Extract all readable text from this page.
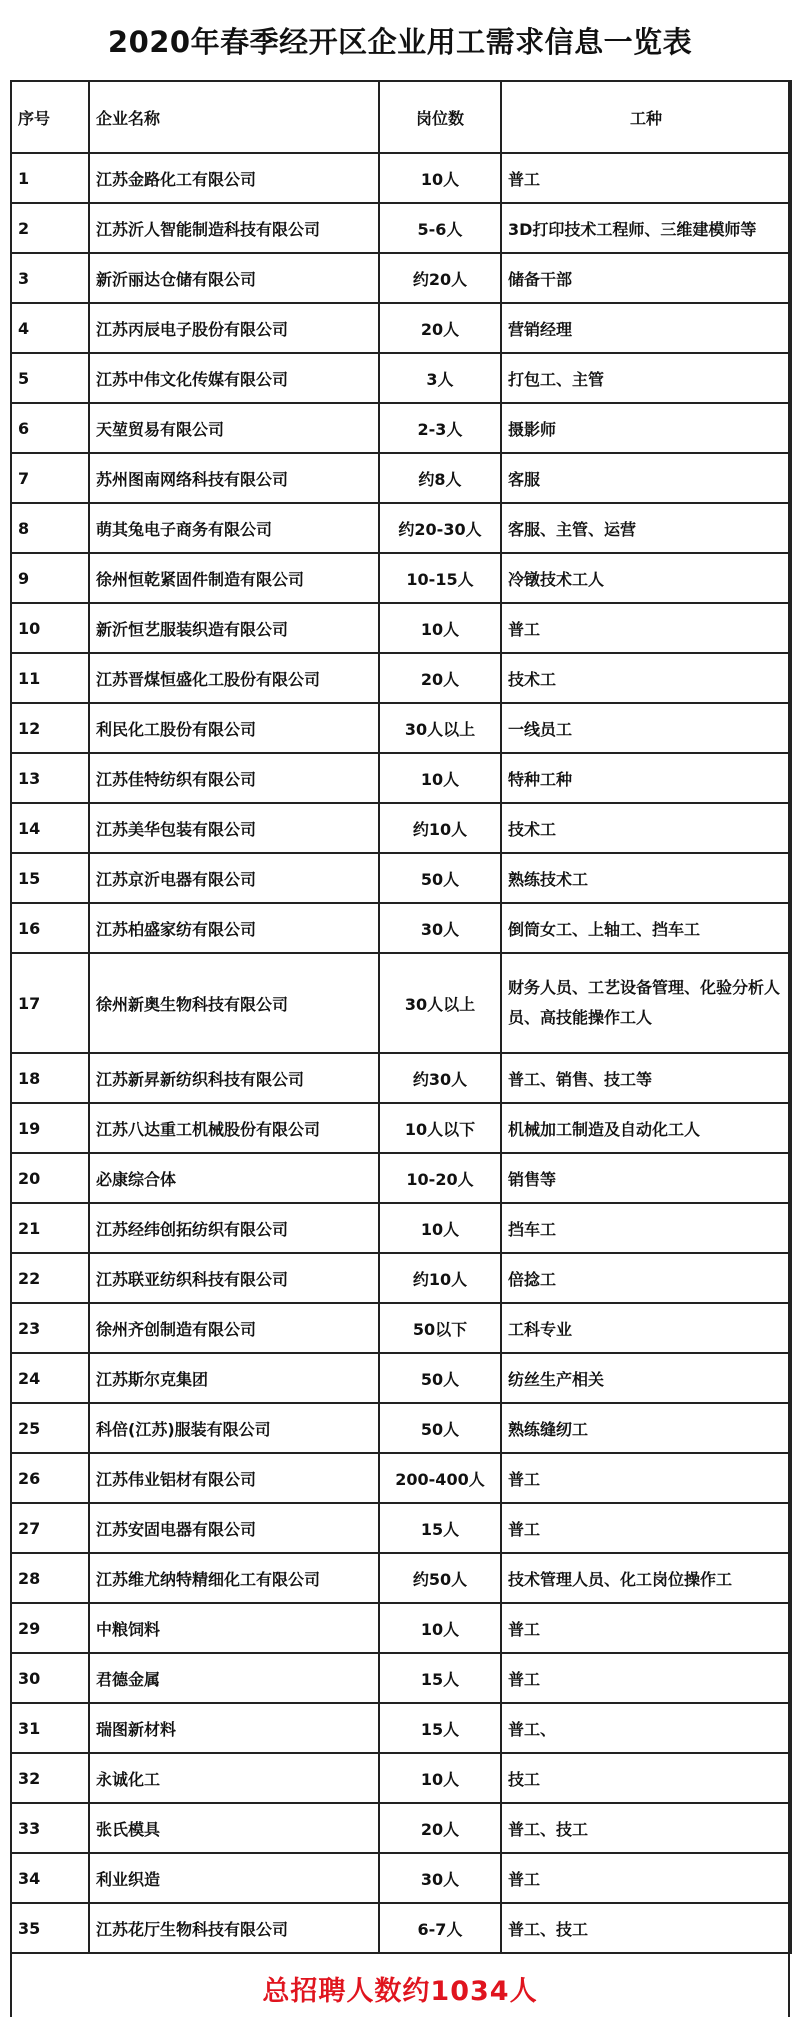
2020年春季经开区企业用工需求信息一览表
序号	企业名称	岗位数	工种
1	江苏金路化工有限公司	10人	普工
2	江苏沂人智能制造科技有限公司	5-6人	3D打印技术工程师、三维建模师等
3	新沂丽达仓储有限公司	约20人	储备干部
4	江苏丙辰电子股份有限公司	20人	营销经理
5	江苏中伟文化传媒有限公司	3人	打包工、主管
6	天堃贸易有限公司	2-3人	摄影师
7	苏州图南网络科技有限公司	约8人	客服
8	萌其兔电子商务有限公司	约20-30人	客服、主管、运营
9	徐州恒乾紧固件制造有限公司	10-15人	冷镦技术工人
10	新沂恒艺服装织造有限公司	10人	普工
11	江苏晋煤恒盛化工股份有限公司	20人	技术工
12	利民化工股份有限公司	30人以上	一线员工
13	江苏佳特纺织有限公司	10人	特种工种
14	江苏美华包装有限公司	约10人	技术工
15	江苏京沂电器有限公司	50人	熟练技术工
16	江苏柏盛家纺有限公司	30人	倒筒女工、上轴工、挡车工
17	徐州新奥生物科技有限公司	30人以上	财务人员、工艺设备管理、化验分析人员、高技能操作工人
18	江苏新昇新纺织科技有限公司	约30人	普工、销售、技工等
19	江苏八达重工机械股份有限公司	10人以下	机械加工制造及自动化工人
20	必康综合体	10-20人	销售等
21	江苏经纬创拓纺织有限公司	10人	挡车工
22	江苏联亚纺织科技有限公司	约10人	倍捻工
23	徐州齐创制造有限公司	50以下	工科专业
24	江苏斯尔克集团	50人	纺丝生产相关
25	科倍(江苏)服装有限公司	50人	熟练缝纫工
26	江苏伟业铝材有限公司	200-400人	普工
27	江苏安固电器有限公司	15人	普工
28	江苏维尤纳特精细化工有限公司	约50人	技术管理人员、化工岗位操作工
29	中粮饲料	10人	普工
30	君德金属	15人	普工
31	瑞图新材料	15人	普工、
32	永诚化工	10人	技工
33	张氏模具	20人	普工、技工
34	利业织造	30人	普工
35	江苏花厅生物科技有限公司	6-7人	普工、技工
总招聘人数约1034人
